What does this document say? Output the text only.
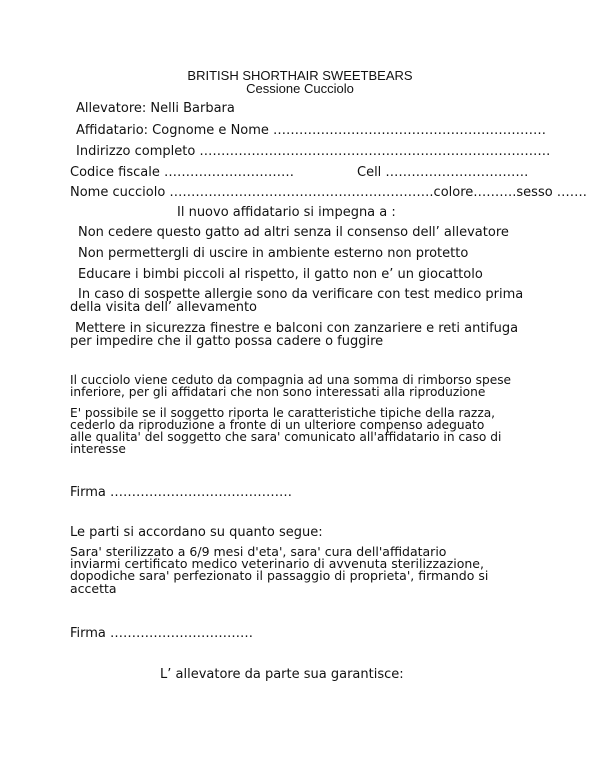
BRITISH SHORTHAIR SWEETBEARS

Cessione Cucciolo

Allevatore: Nelli Barbara

Affidatario: Cognome e Nome ………………………………………………………

Indirizzo completo ………………………………………………………………………

Codice fiscale …………………………	Cell ……………………………

Nome cucciolo …………………………………………………….colore……….sesso …….

Il nuovo affidatario si impegna a :

Non cedere questo gatto ad altri senza il consenso dell’ allevatore

Non permettergli di uscire in ambiente esterno non protetto

Educare i bimbi piccoli al rispetto, il gatto non e’ un giocattolo

In caso di sospette allergie sono da verificare con test medico prima

della visita dell’ allevamento

Mettere in sicurezza finestre e balconi con zanzariere e reti antifuga

per impedire che il gatto possa cadere o fuggire

Il cucciolo viene ceduto da compagnia ad una somma di rimborso spese

inferiore, per gli affidatari che non sono interessati alla riproduzione

E' possibile se il soggetto riporta le caratteristiche tipiche della razza,

cederlo da riproduzione a fronte di un ulteriore compenso adeguato

alle qualita' del soggetto che sara' comunicato all'affidatario in caso di

interesse

Firma ……………………………………

Le parti si accordano su quanto segue:

Sara' sterilizzato a 6/9 mesi d'eta', sara' cura dell'affidatario

inviarmi certificato medico veterinario di avvenuta sterilizzazione,

dopodiche sara' perfezionato il passaggio di proprieta', firmando si

accetta

Firma ……………………………

L’ allevatore da parte sua garantisce:
